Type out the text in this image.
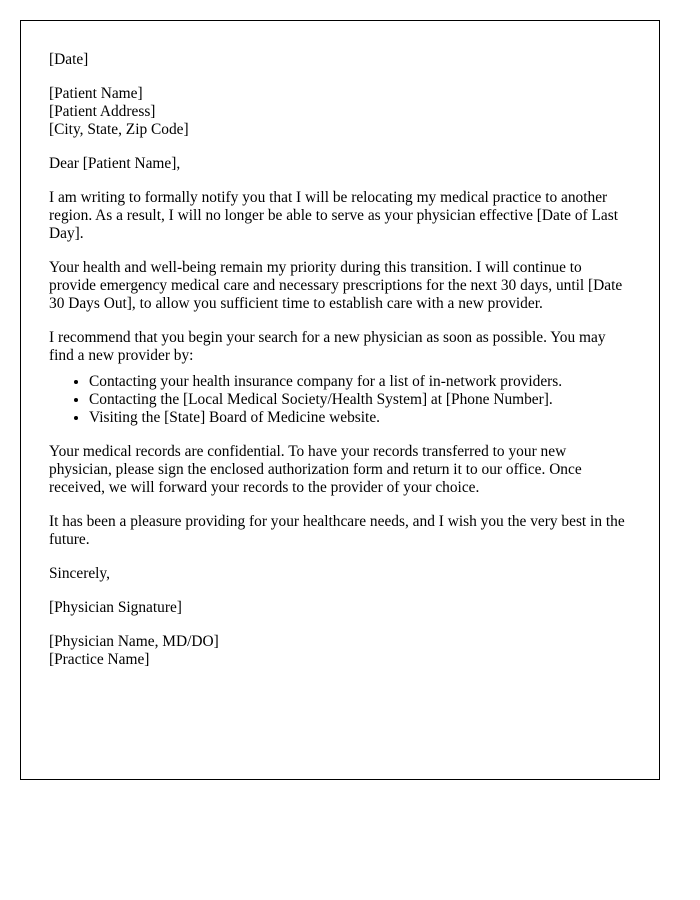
[Date]

[Patient Name]
[Patient Address]
[City, State, Zip Code]

Dear [Patient Name],

I am writing to formally notify you that I will be relocating my medical practice to another region. As a result, I will no longer be able to serve as your physician effective [Date of Last Day].

Your health and well-being remain my priority during this transition. I will continue to provide emergency medical care and necessary prescriptions for the next 30 days, until [Date 30 Days Out], to allow you sufficient time to establish care with a new provider.

I recommend that you begin your search for a new physician as soon as possible. You may find a new provider by:

• Contacting your health insurance company for a list of in-network providers.
• Contacting the [Local Medical Society/Health System] at [Phone Number].
• Visiting the [State] Board of Medicine website.

Your medical records are confidential. To have your records transferred to your new physician, please sign the enclosed authorization form and return it to our office. Once received, we will forward your records to the provider of your choice.

It has been a pleasure providing for your healthcare needs, and I wish you the very best in the future.

Sincerely,

[Physician Signature]

[Physician Name, MD/DO]
[Practice Name]
